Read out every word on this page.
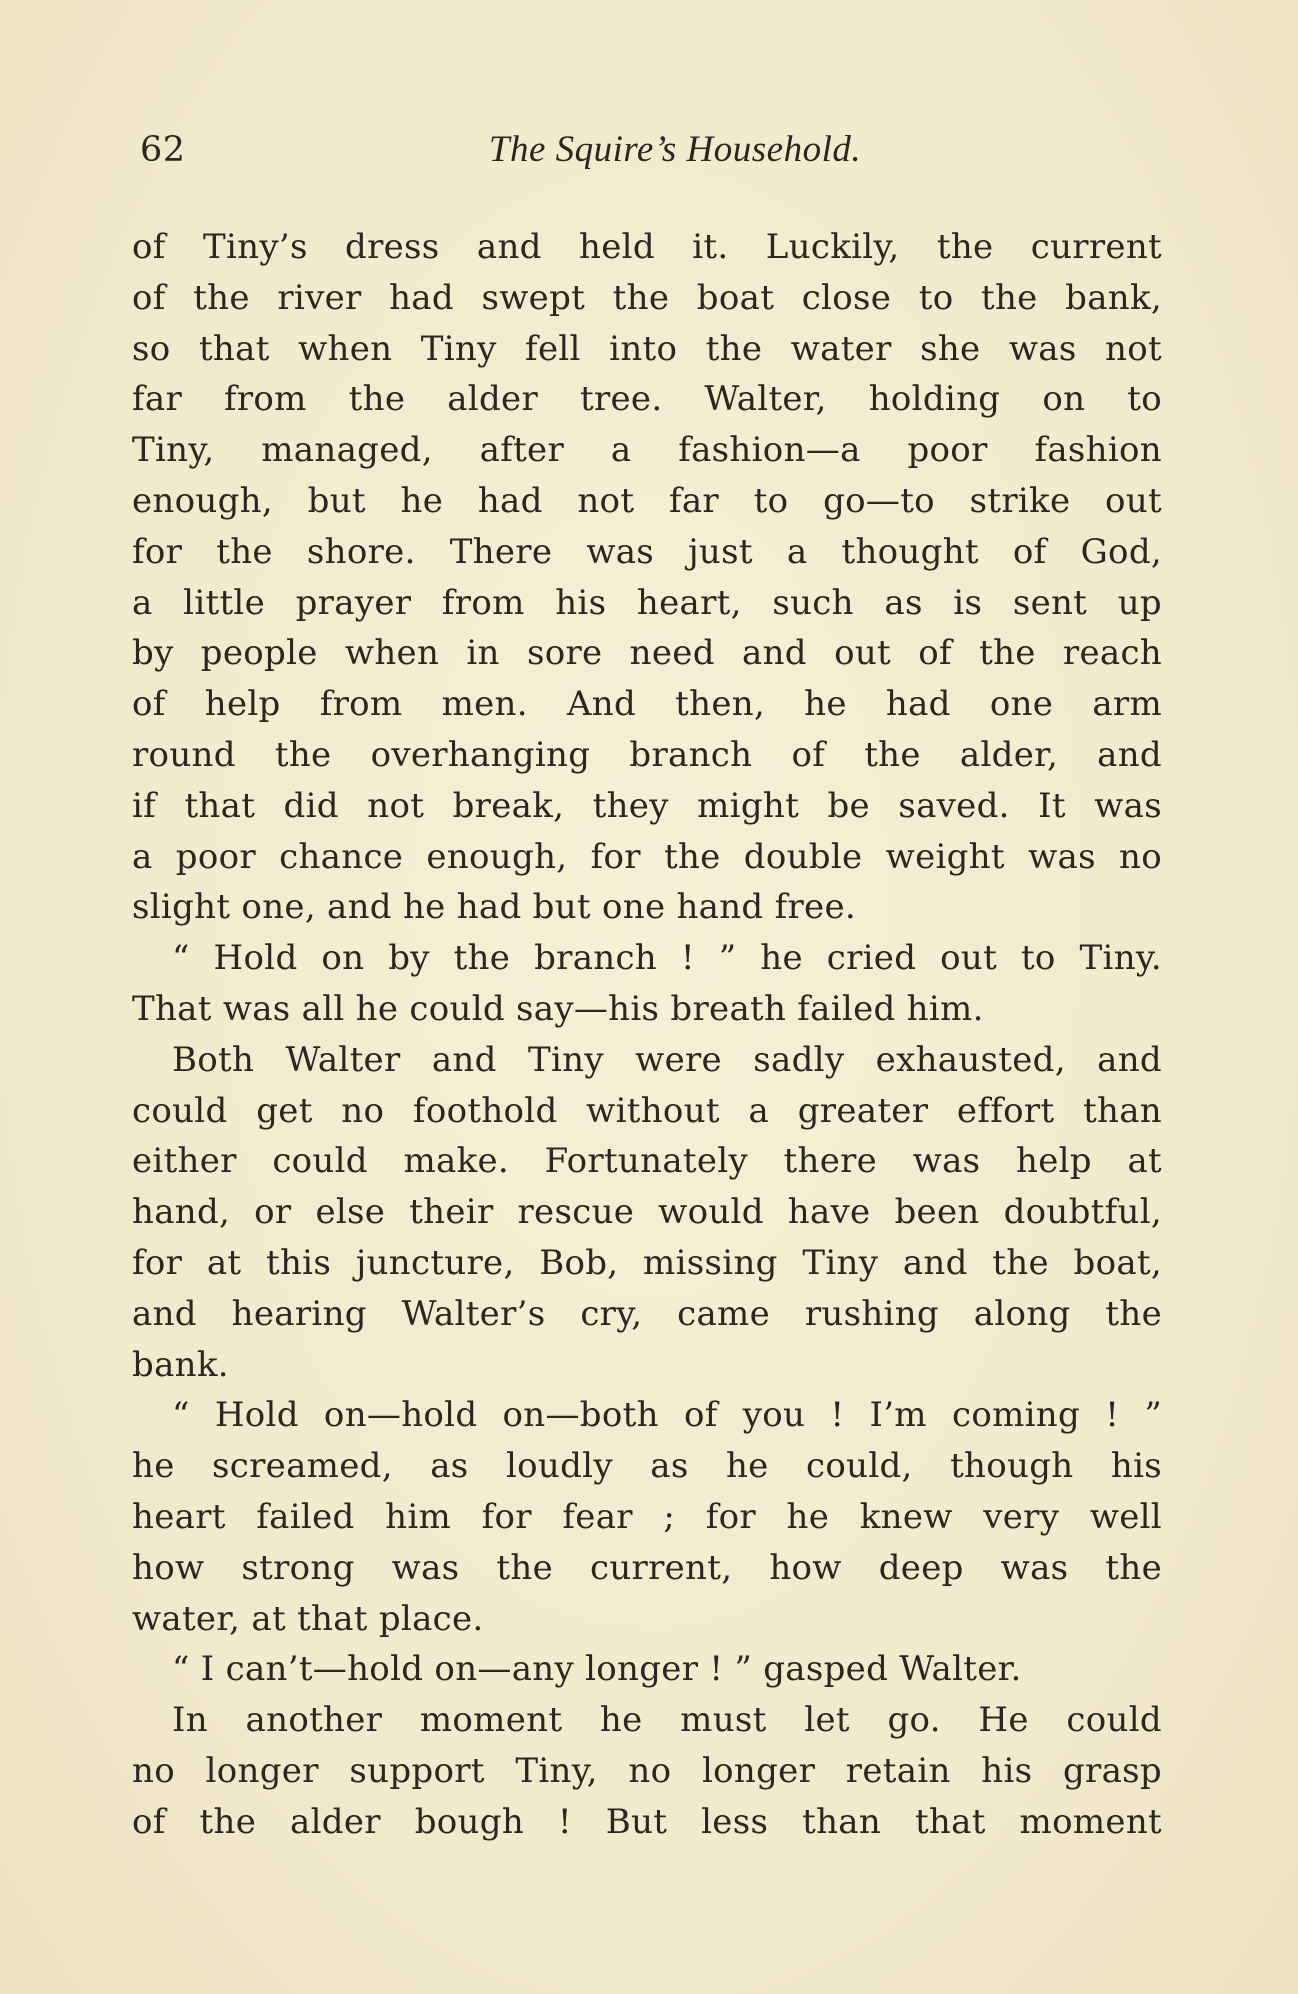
62	The Squire’s Household.
of Tiny’s dress and held it. Luckily, the current
of the river had swept the boat close to the bank,
so that when Tiny fell into the water she was not
far from the alder tree. Walter, holding on to
Tiny, managed, after a fashion—a poor fashion
enough, but he had not far to go—to strike out
for the shore. There was just a thought of God,
a little prayer from his heart, such as is sent up
by people when in sore need and out of the reach
of help from men. And then, he had one arm
round the overhanging branch of the alder, and
if that did not break, they might be saved. It was
a poor chance enough, for the double weight was no
slight one, and he had but one hand free.
“ Hold on by the branch ! ” he cried out to Tiny.
That was all he could say—his breath failed him.
Both Walter and Tiny were sadly exhausted, and
could get no foothold without a greater effort than
either could make. Fortunately there was help at
hand, or else their rescue would have been doubtful,
for at this juncture, Bob, missing Tiny and the boat,
and hearing Walter’s cry, came rushing along the
bank.
“ Hold on—hold on—both of you ! I’m coming ! ”
he screamed, as loudly as he could, though his
heart failed him for fear ; for he knew very well
how strong was the current, how deep was the
water, at that place.
“ I can’t—hold on—any longer ! ” gasped Walter.
In another moment he must let go. He could
no longer support Tiny, no longer retain his grasp
of the alder bough ! But less than that moment
